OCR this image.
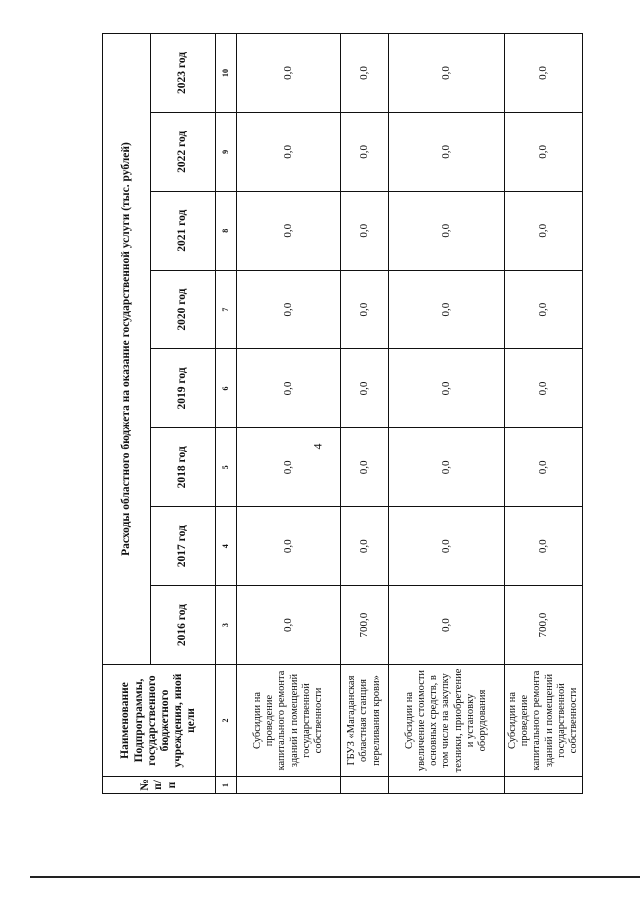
4
№ п/п	Наименование Подпрограммы, государственного бюджетного учреждения, иной цели	Расходы областного бюджета на оказание государственной услуги (тыс. рублей)							
		2016 год	2017 год	2018 год	2019 год	2020 год	2021 год	2022 год	2023 год
1	2	3	4	5	6	7	8	9	10
	Субсидии на проведение капитального ремонта зданий и помещений государственной собственности	0,0	0,0	0,0	0,0	0,0	0,0	0,0	0,0
	ГБУЗ «Магаданская областная станция переливания крови»	700,0	0,0	0,0	0,0	0,0	0,0	0,0	0,0
	Субсидии на увеличение стоимости основных средств, в том числе на закупку техники, приобретение и установку оборудования	0,0	0,0	0,0	0,0	0,0	0,0	0,0	0,0
	Субсидии на проведение капитального ремонта зданий и помещений государственной собственности	700,0	0,0	0,0	0,0	0,0	0,0	0,0	0,0
